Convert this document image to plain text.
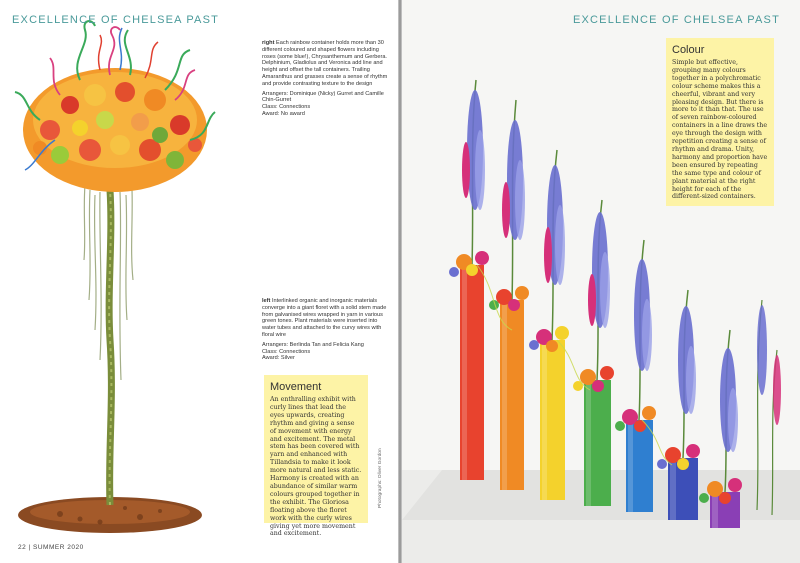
EXCELLENCE OF CHELSEA PAST
right Each rainbow container holds more than 30 different coloured and shaped flowers including roses (some blue!), Chrysanthemum and Gerbera. Delphinium, Gladiolus and Veronica add line and height and offset the tall containers. Trailing Amaranthus and grasses create a sense of rhythm and provide contrasting texture to the design
Arrangers: Dominique (Nicky) Gurret and Camille Chin-Gurret
Class: Connections
Award: No award
left Interlinked organic and inorganic materials converge into a giant floret with a solid stem made from galvanised wires wrapped in yarn in various green tones. Plant materials were inserted into water tubes and attached to the curvy wires with floral wire
Arrangers: Berlinda Tan and Felicia Kang
Class: Connections
Award: Silver
Movement

An enthralling exhibit with curly lines that lead the eyes upwards, creating rhythm and giving a sense of movement with energy and excitement. The metal stem has been covered with yarn and enhanced with Tillandsia to make it look more natural and less static. Harmony is created with an abundance of similar warm colours grouped together in the exhibit. The Gloriosa floating above the floret work with the curly wires giving yet more movement and excitement.

22 | SUMMER 2020
Photographs: Oliver Gordon
EXCELLENCE OF CHELSEA PAST
Colour

Simple but effective, grouping many colours together in a polychromatic colour scheme makes this a cheerful, vibrant and very pleasing design. But there is more to it than that. The use of seven rainbow-coloured containers in a line draws the eye through the design with repetition creating a sense of rhythm and drama. Unity, harmony and proportion have been ensured by repeating the same type and colour of plant material at the right height for each of the different-sized containers.
